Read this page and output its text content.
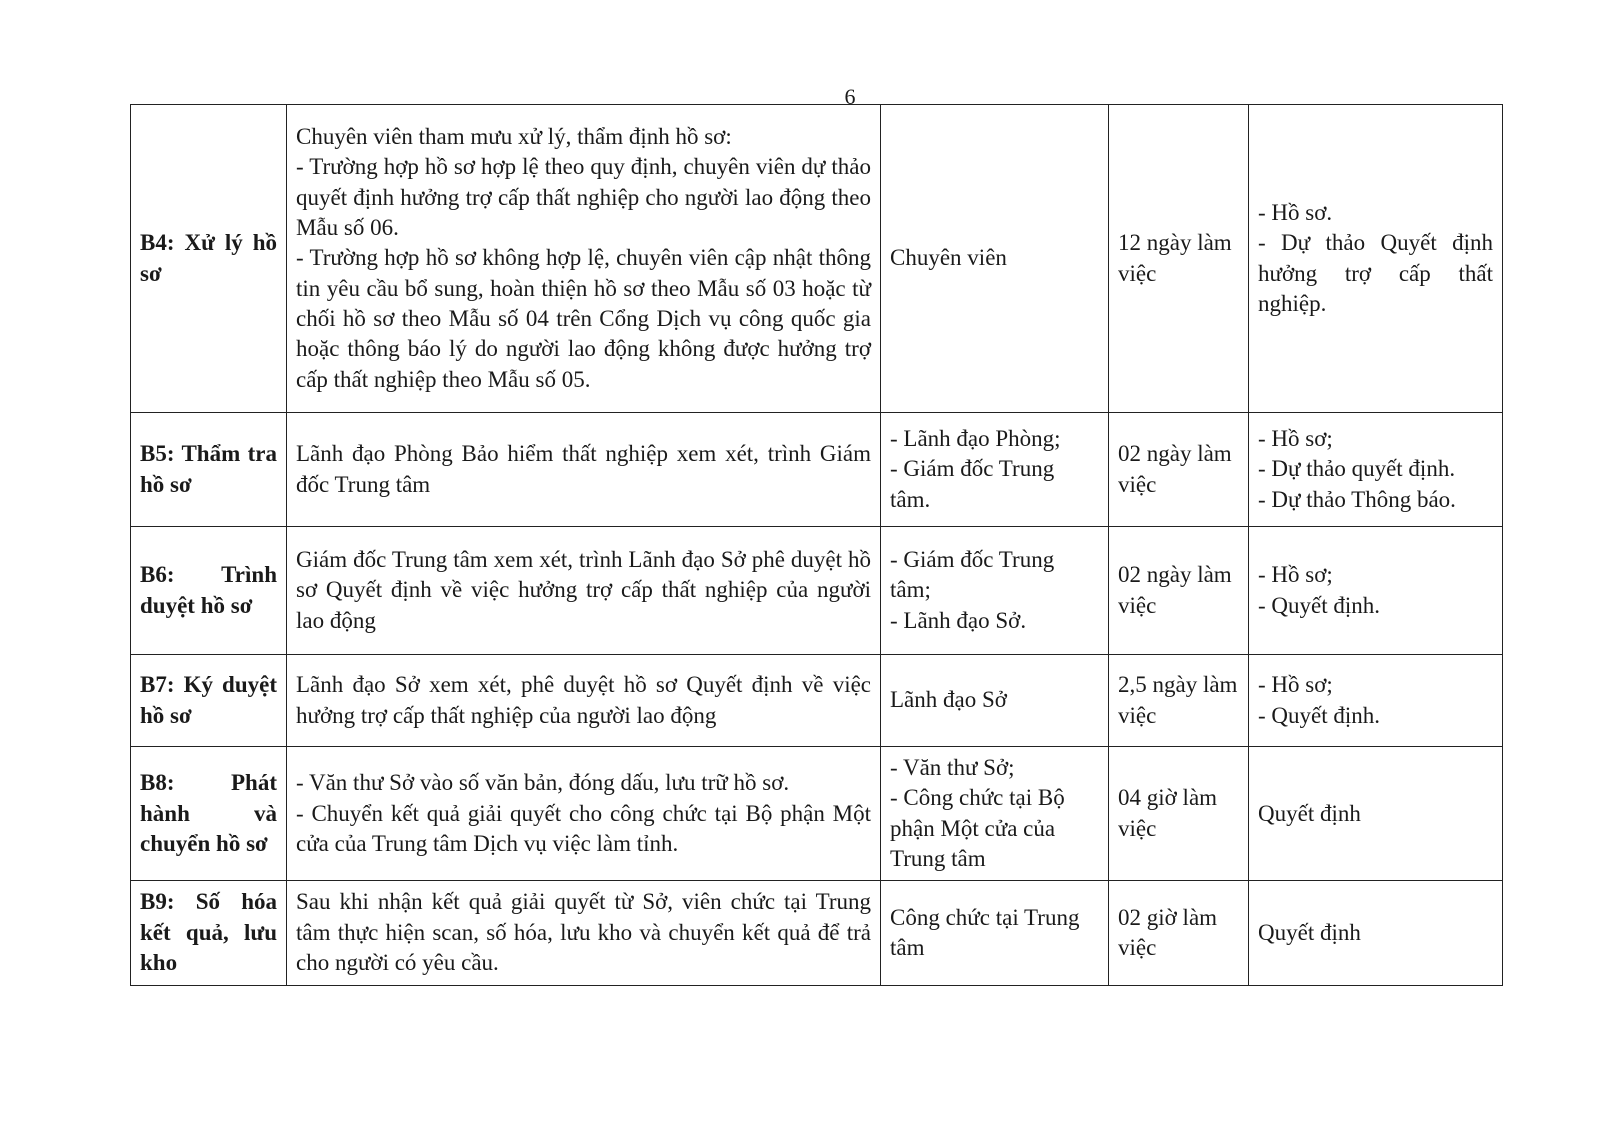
6
B4: Xử lý hồ sơ	Chuyên viên tham mưu xử lý, thẩm định hồ sơ:
- Trường hợp hồ sơ hợp lệ theo quy định, chuyên viên dự thảo quyết định hưởng trợ cấp thất nghiệp cho người lao động theo Mẫu số 06.
- Trường hợp hồ sơ không hợp lệ, chuyên viên cập nhật thông tin yêu cầu bổ sung, hoàn thiện hồ sơ theo Mẫu số 03 hoặc từ chối hồ sơ theo Mẫu số 04 trên Cổng Dịch vụ công quốc gia hoặc thông báo lý do người lao động không được hưởng trợ cấp thất nghiệp theo Mẫu số 05.	Chuyên viên	12 ngày làm việc	- Hồ sơ.
- Dự thảo Quyết định hưởng trợ cấp thất nghiệp.

B5: Thẩm tra hồ sơ	Lãnh đạo Phòng Bảo hiểm thất nghiệp xem xét, trình Giám đốc Trung tâm	- Lãnh đạo Phòng;
- Giám đốc Trung tâm.	02 ngày làm việc	- Hồ sơ;
- Dự thảo quyết định.
- Dự thảo Thông báo.

B6: Trình duyệt hồ sơ	Giám đốc Trung tâm xem xét, trình Lãnh đạo Sở phê duyệt hồ sơ Quyết định về việc hưởng trợ cấp thất nghiệp của người lao động	- Giám đốc Trung tâm;
- Lãnh đạo Sở.	02 ngày làm việc	- Hồ sơ;
- Quyết định.

B7: Ký duyệt hồ sơ	Lãnh đạo Sở xem xét, phê duyệt hồ sơ Quyết định về việc hưởng trợ cấp thất nghiệp của người lao động	Lãnh đạo Sở	2,5 ngày làm việc	- Hồ sơ;
- Quyết định.

B8: Phát hành và chuyển hồ sơ	- Văn thư Sở vào số văn bản, đóng dấu, lưu trữ hồ sơ.
- Chuyển kết quả giải quyết cho công chức tại Bộ phận Một cửa của Trung tâm Dịch vụ việc làm tỉnh.	- Văn thư Sở;
- Công chức tại Bộ phận Một cửa của Trung tâm	04 giờ làm việc	Quyết định

B9: Số hóa kết quả, lưu kho	Sau khi nhận kết quả giải quyết từ Sở, viên chức tại Trung tâm thực hiện scan, số hóa, lưu kho và chuyển kết quả để trả cho người có yêu cầu.	Công chức tại Trung tâm	02 giờ làm việc	Quyết định
